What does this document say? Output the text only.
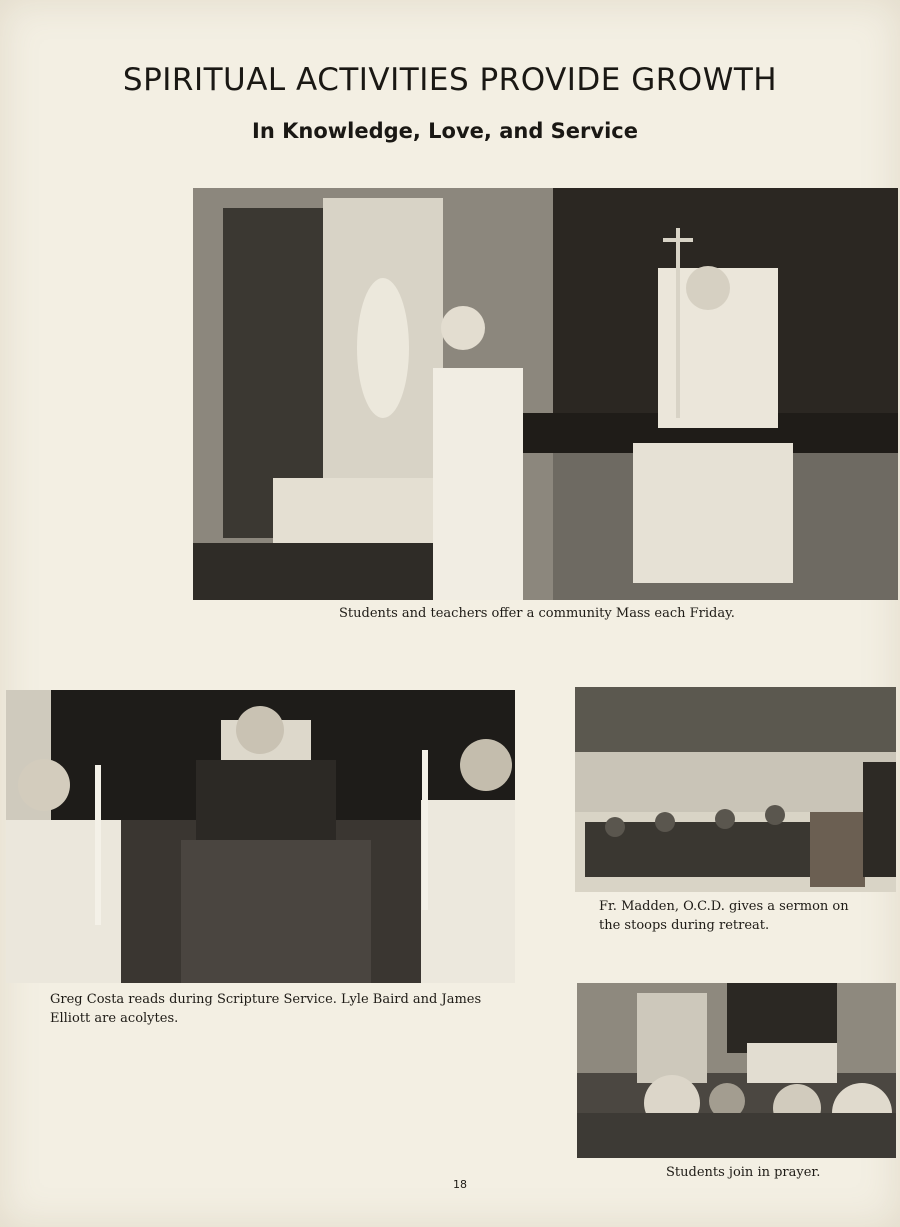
SPIRITUAL ACTIVITIES PROVIDE GROWTH
In Knowledge, Love, and Service
Students and teachers offer a community Mass each Friday.
Greg Costa reads during Scripture Service. Lyle Baird and James Elliott are acolytes.
Fr. Madden, O.C.D. gives a sermon on the stoops during retreat.
Students join in prayer.
18
